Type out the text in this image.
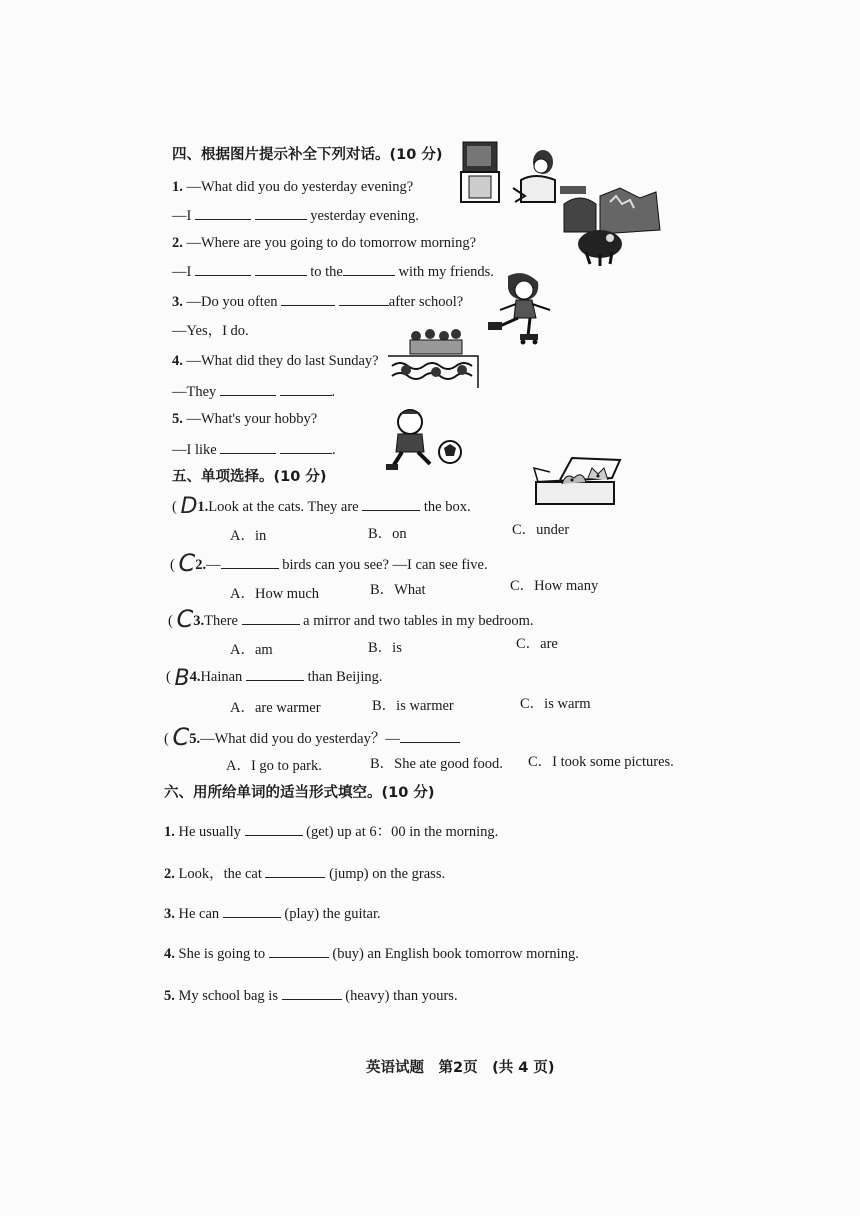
四、根据图片提示补全下列对话。(10 分)
1. —What did you do yesterday evening?
—I	yesterday evening.
2. —Where are you going to do tomorrow morning?
—I	to the	with my friends.
3. —Do you often	after school?
—Yes，I do.
4. —What did they do last Sunday?
—They	.
5. —What's your hobby?
—I like	.
五、单项选择。(10 分)
( D1.Look at the cats. They are	the box.
A．in	B．on	C．under
( C2.—	birds can you see? —I can see five.
A．How much	B．What	C．How many
( C3.There	a mirror and two tables in my bedroom.
A．am	B．is	C．are
( B4.Hainan	than Beijing.
A．are warmer	B．is warmer	C．is warm
( C5.—What did you do yesterday？—
A．I go to park.	B．She ate good food. C．I took some pictures.
六、用所给单词的适当形式填空。(10 分)
1. He usually	(get) up at 6：00 in the morning.
2. Look，the cat	(jump) on the grass.
3. He can	(play) the guitar.
4. She is going to	(buy) an English book tomorrow morning.
5. My school bag is	(heavy) than yours.
英语试题　第2页　(共 4 页)
